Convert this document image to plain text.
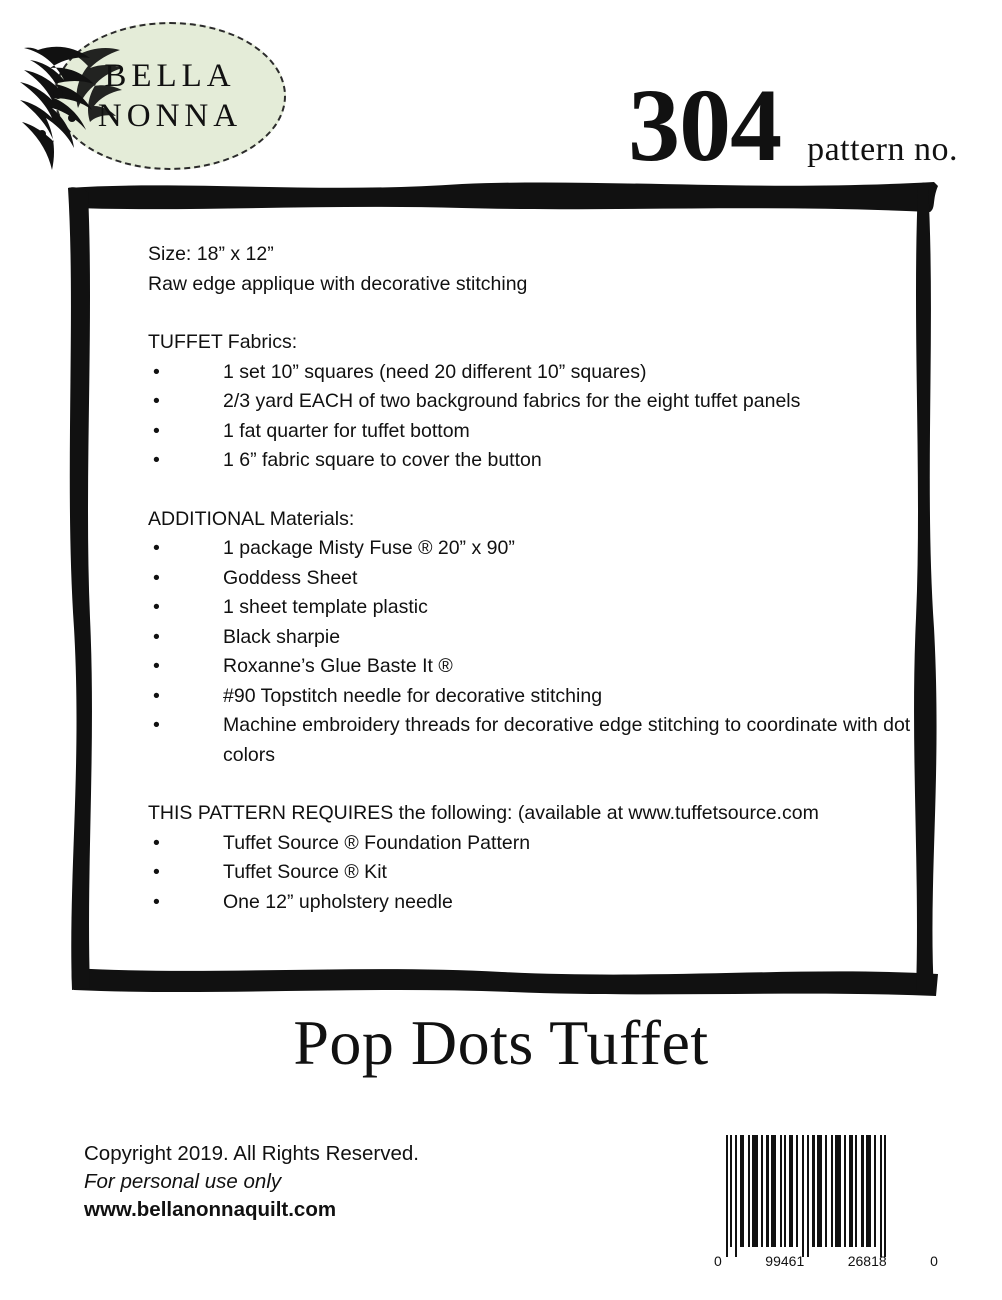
BELLA
NONNA	304 pattern no.

Size: 18” x 12”

Raw edge applique with decorative stitching

TUFFET Fabrics:

•	1 set 10” squares (need 20 different 10” squares)
•	2/3 yard EACH of two background fabrics for the eight tuffet panels
•	1 fat quarter for tuffet bottom
•	1 6” fabric square to cover the button

ADDITIONAL Materials:

•	1 package Misty Fuse ® 20” x 90”
•	Goddess Sheet
•	1 sheet template plastic
•	Black sharpie
•	Roxanne’s Glue Baste It ®
•	#90 Topstitch needle for decorative stitching
•	Machine embroidery threads for decorative edge stitching to coordinate with dot colors

THIS PATTERN REQUIRES the following: (available at www.tuffetsource.com

•	Tuffet Source ® Foundation Pattern
•	Tuffet Source ® Kit
•	One 12” upholstery needle
Pop Dots Tuffet
Copyright 2019. All Rights Reserved.
For personal use only
www.bellanonnaquilt.com
0	99461	26818	0
